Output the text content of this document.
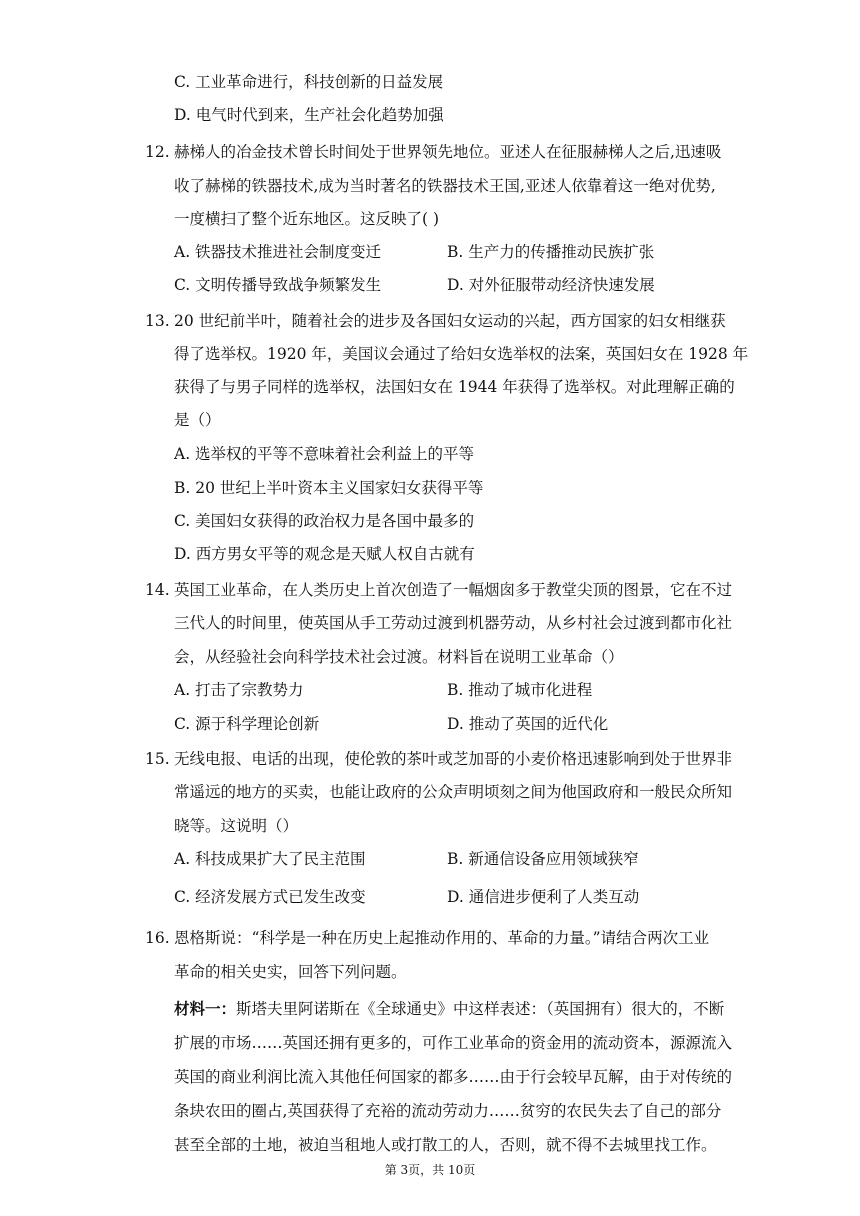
C. 工业革命进行，科技创新的日益发展
D. 电气时代到来，生产社会化趋势加强
12. 赫梯人的冶金技术曾长时间处于世界领先地位。亚述人在征服赫梯人之后,迅速吸
收了赫梯的铁器技术,成为当时著名的铁器技术王国,亚述人依靠着这一绝对优势,
一度横扫了整个近东地区。这反映了( )
A. 铁器技术推进社会制度变迁	B. 生产力的传播推动民族扩张
C. 文明传播导致战争频繁发生	D. 对外征服带动经济快速发展
13. 20 世纪前半叶，随着社会的进步及各国妇女运动的兴起，西方国家的妇女相继获
得了选举权。1920 年，美国议会通过了给妇女选举权的法案，英国妇女在 1928 年
获得了与男子同样的选举权，法国妇女在 1944 年获得了选举权。对此理解正确的
是（）
A. 选举权的平等不意味着社会利益上的平等
B. 20 世纪上半叶资本主义国家妇女获得平等
C. 美国妇女获得的政治权力是各国中最多的
D. 西方男女平等的观念是天赋人权自古就有
14. 英国工业革命，在人类历史上首次创造了一幅烟囱多于教堂尖顶的图景，它在不过
三代人的时间里，使英国从手工劳动过渡到机器劳动，从乡村社会过渡到都市化社
会，从经验社会向科学技术社会过渡。材料旨在说明工业革命（）
A. 打击了宗教势力	B. 推动了城市化进程
C. 源于科学理论创新	D. 推动了英国的近代化
15. 无线电报、电话的出现，使伦敦的茶叶或芝加哥的小麦价格迅速影响到处于世界非
常遥远的地方的买卖，也能让政府的公众声明顷刻之间为他国政府和一般民众所知
晓等。这说明（）
A. 科技成果扩大了民主范围	B. 新通信设备应用领域狭窄
C. 经济发展方式已发生改变	D. 通信进步便利了人类互动
16. 恩格斯说：“科学是一种在历史上起推动作用的、革命的力量。”请结合两次工业
革命的相关史实，回答下列问题。
材料一：斯塔夫里阿诺斯在《全球通史》中这样表述：（英国拥有）很大的，不断
扩展的市场……英国还拥有更多的，可作工业革命的资金用的流动资本，源源流入
英国的商业利润比流入其他任何国家的都多……由于行会较早瓦解，由于对传统的
条块农田的圈占,英国获得了充裕的流动劳动力……贫穷的农民失去了自己的部分
甚至全部的土地，被迫当租地人或打散工的人，否则，就不得不去城里找工作。
第 3页，共 10页
